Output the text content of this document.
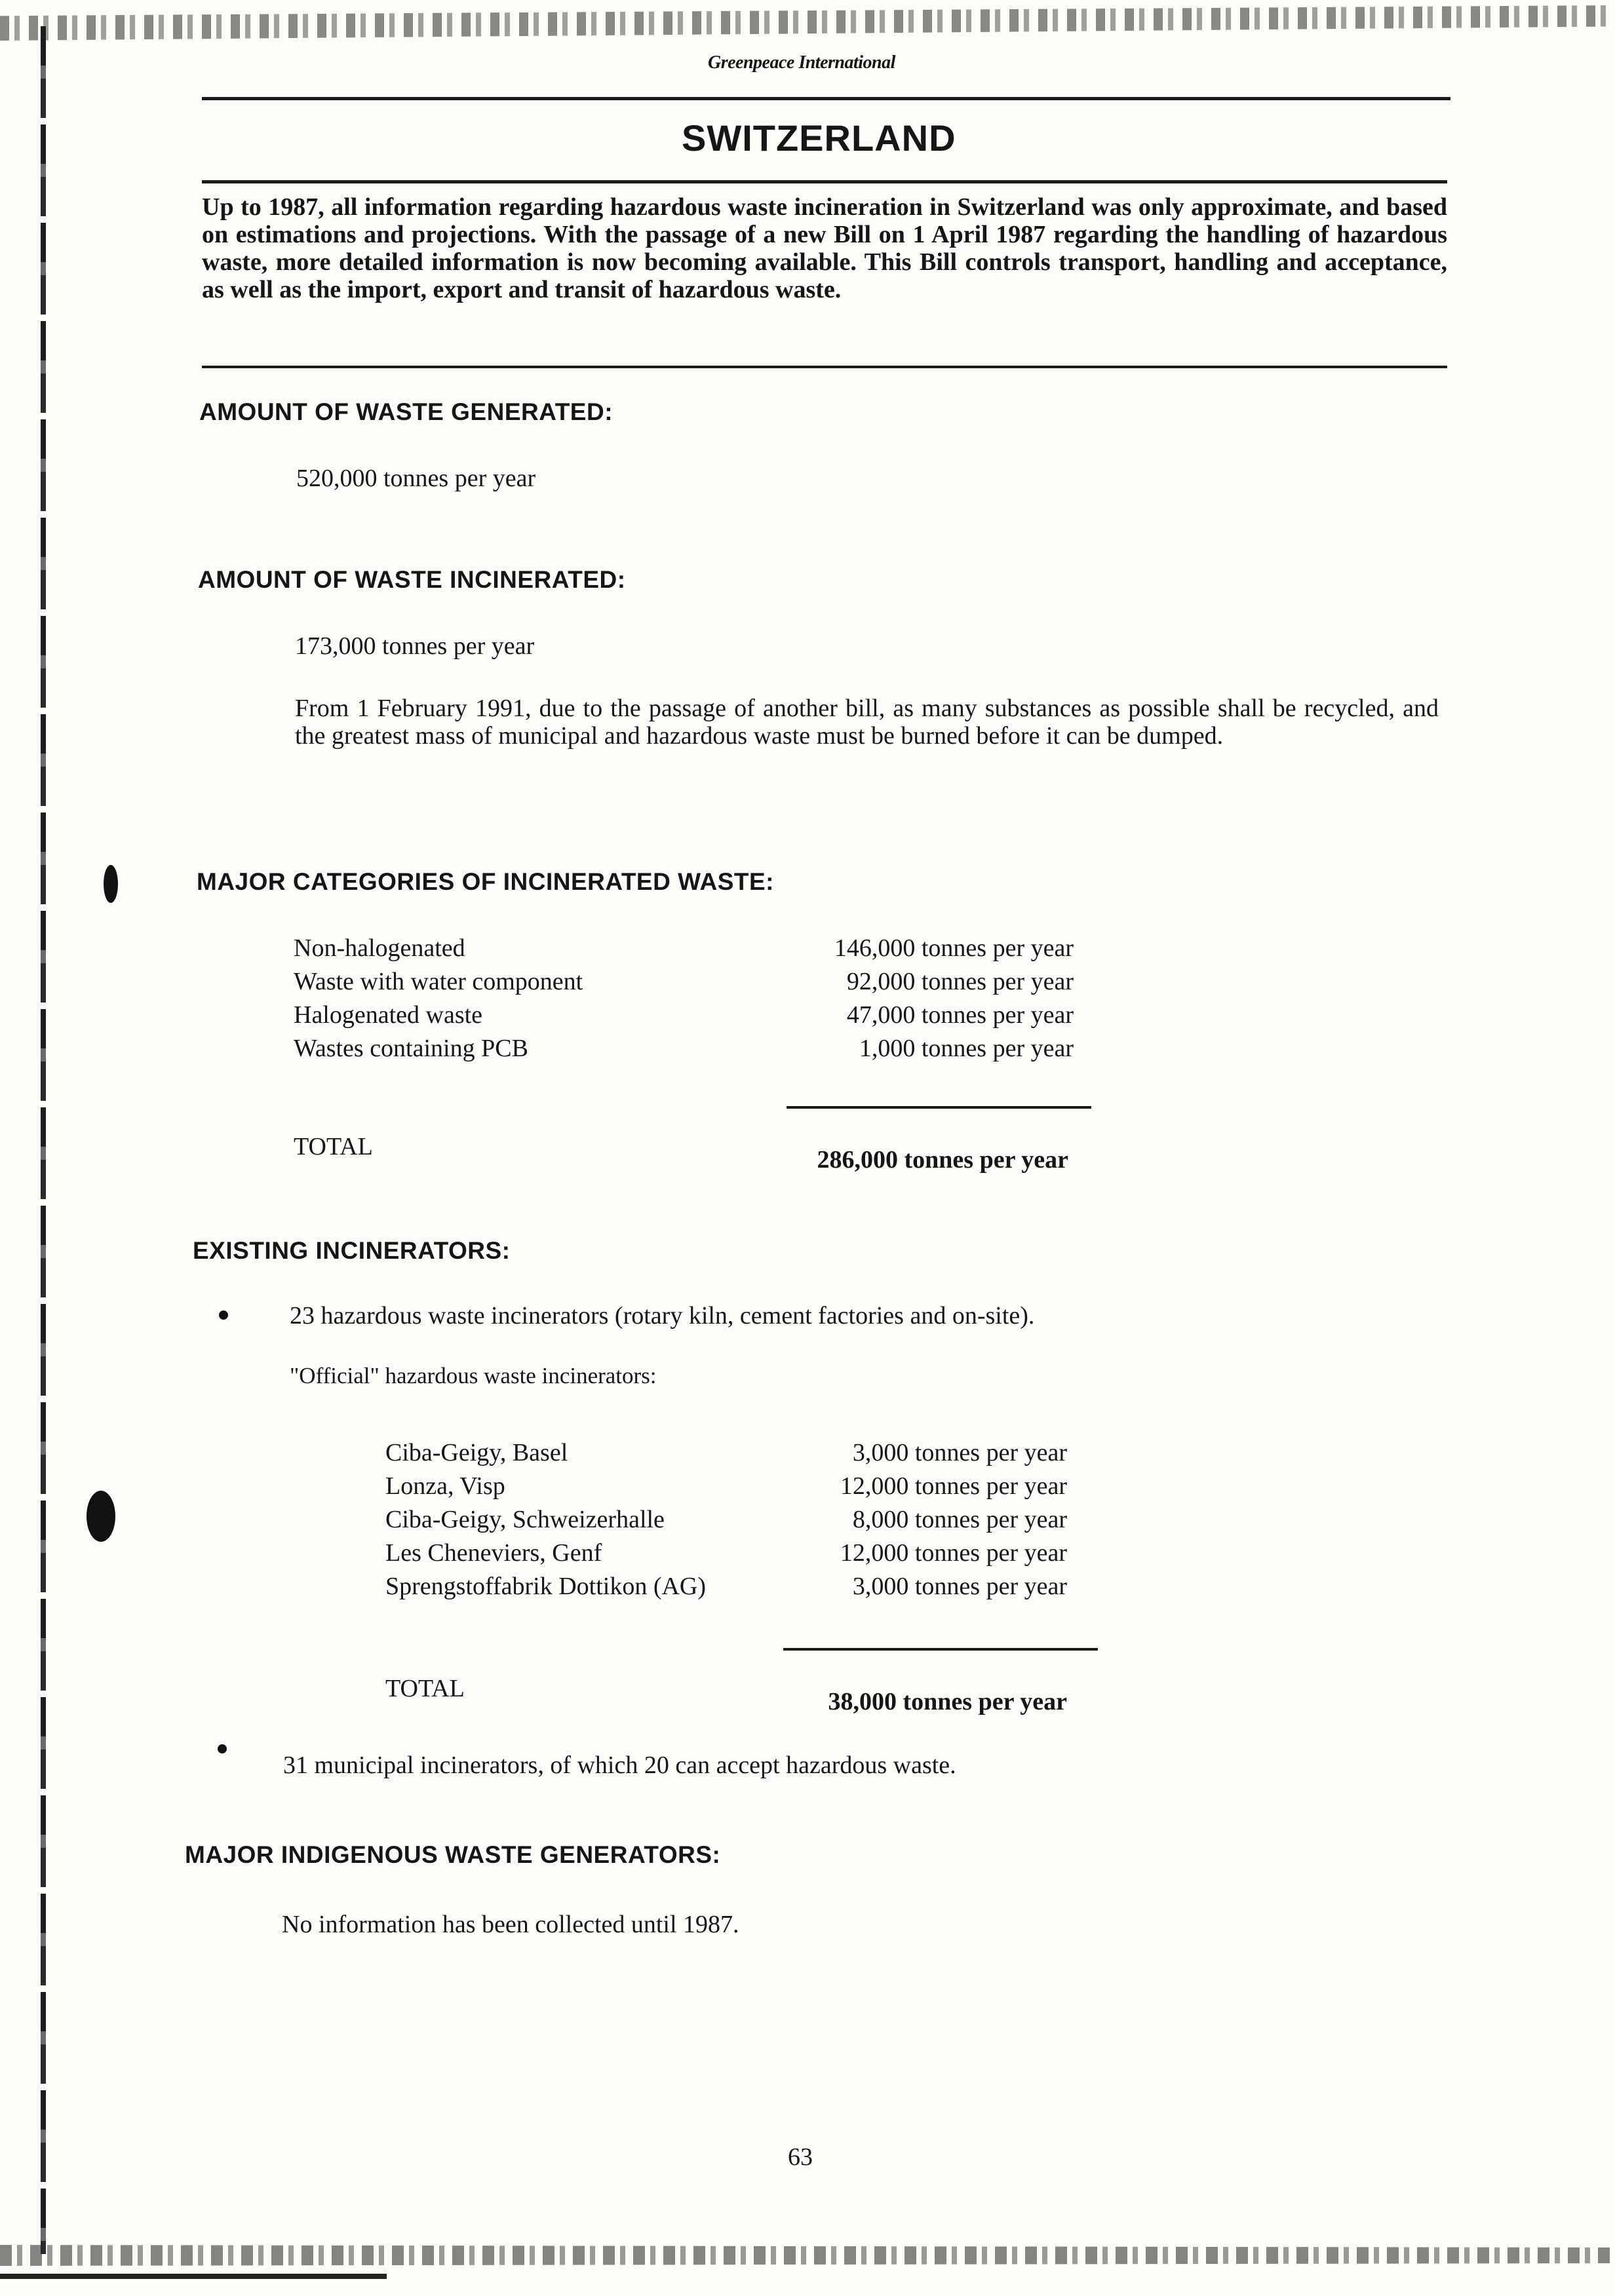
Greenpeace International
SWITZERLAND
Up to 1987, all information regarding hazardous waste incineration in Switzerland was only approximate, and based on estimations and projections. With the passage of a new Bill on 1 April 1987 regarding the handling of hazardous waste, more detailed information is now becoming available. This Bill controls transport, handling and acceptance, as well as the import, export and transit of hazardous waste.
AMOUNT OF WASTE GENERATED:
520,000 tonnes per year
AMOUNT OF WASTE INCINERATED:
173,000 tonnes per year
From 1 February 1991, due to the passage of another bill, as many substances as possible shall be recycled, and the greatest mass of municipal and hazardous waste must be burned before it can be dumped.
MAJOR CATEGORIES OF INCINERATED WASTE:
Non-halogenated	146,000 tonnes per year
Waste with water component	92,000 tonnes per year
Halogenated waste	47,000 tonnes per year
Wastes containing PCB	1,000 tonnes per year
TOTAL	286,000 tonnes per year
EXISTING INCINERATORS:
23 hazardous waste incinerators (rotary kiln, cement factories and on-site).
"Official" hazardous waste incinerators:
Ciba-Geigy, Basel	3,000 tonnes per year
Lonza, Visp	12,000 tonnes per year
Ciba-Geigy, Schweizerhalle	8,000 tonnes per year
Les Cheneviers, Genf	12,000 tonnes per year
Sprengstoffabrik Dottikon (AG)	3,000 tonnes per year
TOTAL	38,000 tonnes per year
31 municipal incinerators, of which 20 can accept hazardous waste.
MAJOR INDIGENOUS WASTE GENERATORS:
No information has been collected until 1987.
63
